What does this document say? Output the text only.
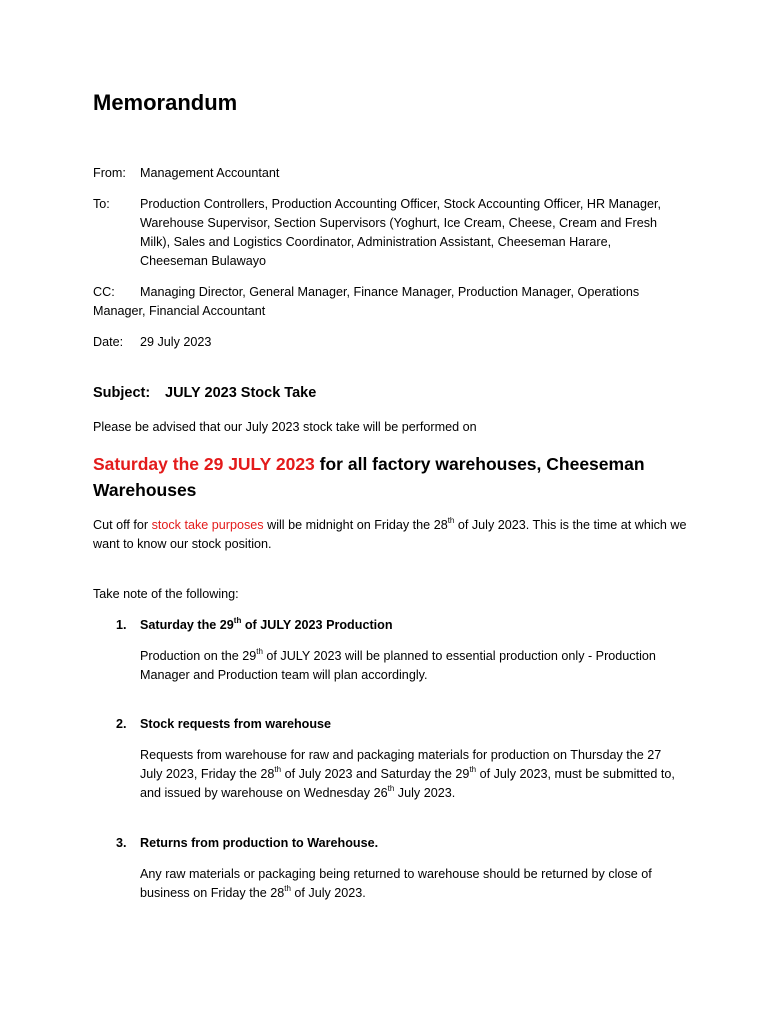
Memorandum
From: Management Accountant
To: Production Controllers, Production Accounting Officer, Stock Accounting Officer, HR Manager, Warehouse Supervisor, Section Supervisors (Yoghurt, Ice Cream, Cheese, Cream and Fresh Milk), Sales and Logistics Coordinator, Administration Assistant, Cheeseman Harare, Cheeseman Bulawayo
CC: Managing Director, General Manager, Finance Manager, Production Manager, Operations Manager, Financial Accountant
Date: 29 July 2023
Subject: JULY 2023 Stock Take
Please be advised that our July 2023 stock take will be performed on
Saturday the 29 JULY 2023 for all factory warehouses, Cheeseman Warehouses
Cut off for stock take purposes will be midnight on Friday the 28th of July 2023. This is the time at which we want to know our stock position.
Take note of the following:
1. Saturday the 29th of JULY 2023 Production
Production on the 29th of JULY 2023 will be planned to essential production only - Production Manager and Production team will plan accordingly.
2. Stock requests from warehouse
Requests from warehouse for raw and packaging materials for production on Thursday the 27 July 2023, Friday the 28th of July 2023 and Saturday the 29th of July 2023, must be submitted to, and issued by warehouse on Wednesday 26th July 2023.
3. Returns from production to Warehouse.
Any raw materials or packaging being returned to warehouse should be returned by close of business on Friday the 28th of July 2023.
